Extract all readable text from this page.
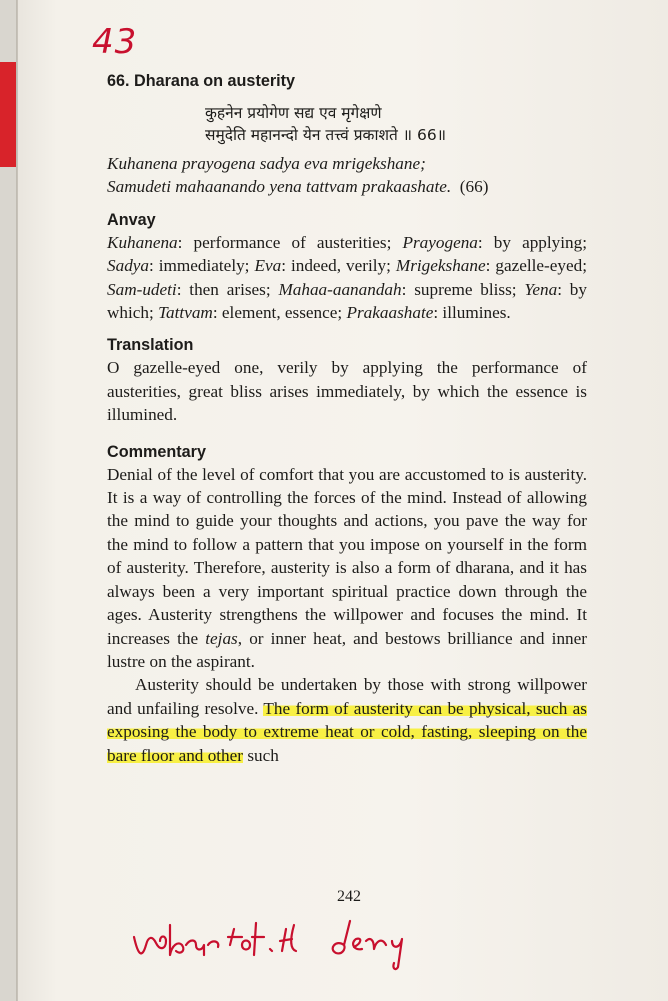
43
66. Dharana on austerity
कुहनेन प्रयोगेण सद्य एव मृगेक्षणे
समुदेति महानन्दो येन तत्त्वं प्रकाशते ॥ 66॥
Kuhanena prayogena sadya eva mrigekshane;
Samudeti mahaanando yena tattvam prakaashate. (66)
Anvay

Kuhanena: performance of austerities; Prayogena: by applying; Sadya: immediately; Eva: indeed, verily; Mrigekshane: gazelle-eyed; Sam-udeti: then arises; Mahaa-aanandah: supreme bliss; Yena: by which; Tattvam: element, essence; Prakaashate: illumines.

Translation

O gazelle-eyed one, verily by applying the performance of austerities, great bliss arises immediately, by which the essence is illumined.

Commentary

Denial of the level of comfort that you are accustomed to is austerity. It is a way of controlling the forces of the mind. Instead of allowing the mind to guide your thoughts and actions, you pave the way for the mind to follow a pattern that you impose on yourself in the form of austerity. Therefore, austerity is also a form of dharana, and it has always been a very important spiritual practice down through the ages. Austerity strengthens the willpower and focuses the mind. It increases the tejas, or inner heat, and bestows brilliance and inner lustre on the aspirant.

Austerity should be undertaken by those with strong willpower and unfailing resolve. The form of austerity can be physical, such as exposing the body to extreme heat or cold, fasting, sleeping on the bare floor and other such

242
